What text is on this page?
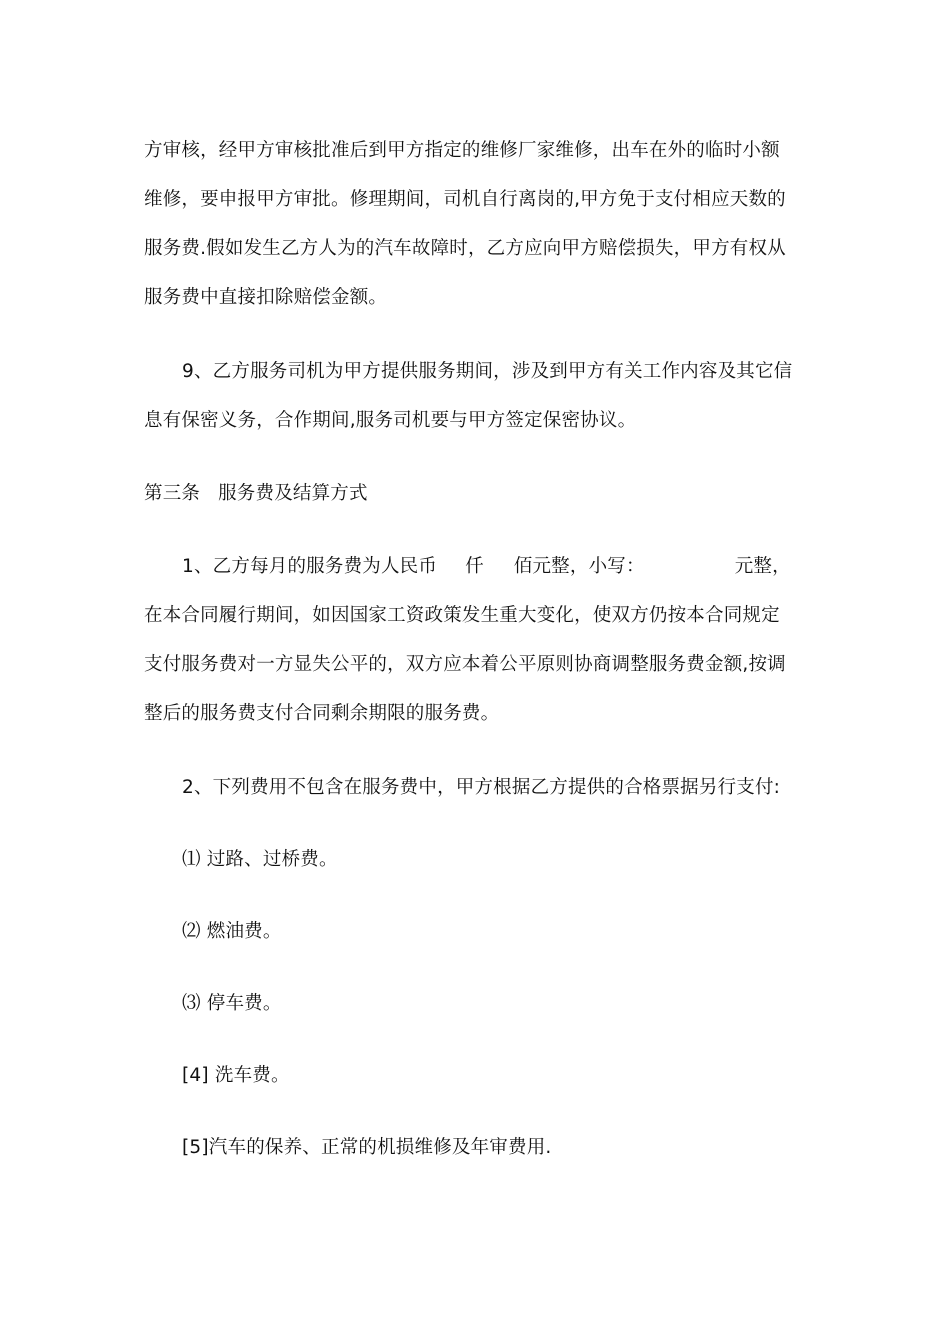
方审核，经甲方审核批准后到甲方指定的维修厂家维修，出车在外的临时小额
维修，要申报甲方审批。修理期间，司机自行离岗的,甲方免于支付相应天数的
服务费.假如发生乙方人为的汽车故障时，乙方应向甲方赔偿损失，甲方有权从
服务费中直接扣除赔偿金额。
9、乙方服务司机为甲方提供服务期间，涉及到甲方有关工作内容及其它信
息有保密义务，合作期间,服务司机要与甲方签定保密协议。
第三条 服务费及结算方式
1、乙方每月的服务费为人民币 仟 佰元整，小写：	元整，
在本合同履行期间，如因国家工资政策发生重大变化，使双方仍按本合同规定
支付服务费对一方显失公平的，双方应本着公平原则协商调整服务费金额,按调
整后的服务费支付合同剩余期限的服务费。
2、下列费用不包含在服务费中，甲方根据乙方提供的合格票据另行支付:
⑴ 过路、过桥费。
⑵ 燃油费。
⑶ 停车费。
[4] 洗车费。
[5]汽车的保养、正常的机损维修及年审费用.
